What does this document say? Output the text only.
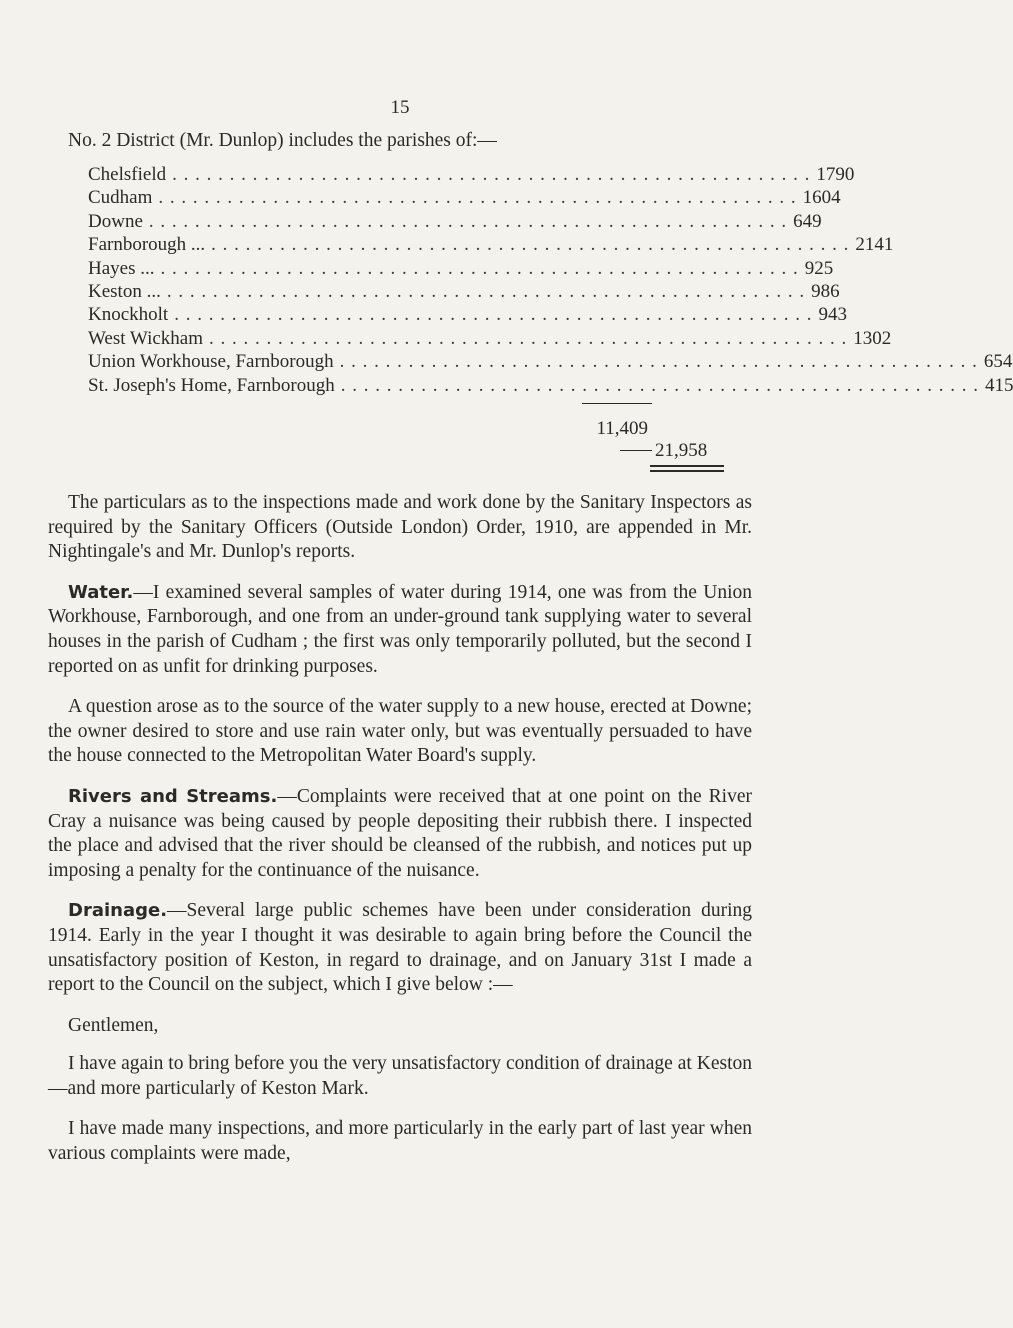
15

No. 2 District (Mr. Dunlop) includes the parishes of:—

Chelsfield . . . . . . . . . . . . . . . . . . . . . . . . . . . . . . . . . . . . . . . . . . . . . . . . . . . . . . . . 1790
Cudham . . . . . . . . . . . . . . . . . . . . . . . . . . . . . . . . . . . . . . . . . . . . . . . . . . . . . . . . 1604
Downe . . . . . . . . . . . . . . . . . . . . . . . . . . . . . . . . . . . . . . . . . . . . . . . . . . . . . . . . 649
Farnborough ... . . . . . . . . . . . . . . . . . . . . . . . . . . . . . . . . . . . . . . . . . . . . . . . . . . . . . . . . 2141
Hayes ... . . . . . . . . . . . . . . . . . . . . . . . . . . . . . . . . . . . . . . . . . . . . . . . . . . . . . . . . 925
Keston ... . . . . . . . . . . . . . . . . . . . . . . . . . . . . . . . . . . . . . . . . . . . . . . . . . . . . . . . . 986
Knockholt . . . . . . . . . . . . . . . . . . . . . . . . . . . . . . . . . . . . . . . . . . . . . . . . . . . . . . . . 943
West Wickham . . . . . . . . . . . . . . . . . . . . . . . . . . . . . . . . . . . . . . . . . . . . . . . . . . . . . . . . 1302
Union Workhouse, Farnborough . . . . . . . . . . . . . . . . . . . . . . . . . . . . . . . . . . . . . . . . . . . . . . . . . . . . . . . . 654
St. Joseph's Home, Farnborough . . . . . . . . . . . . . . . . . . . . . . . . . . . . . . . . . . . . . . . . . . . . . . . . . . . . . . . . 415
11,409
21,958

The particulars as to the inspections made and work done by the Sanitary Inspectors as required by the Sanitary Officers (Outside London) Order, 1910, are appended in Mr. Nightingale's and Mr. Dunlop's reports.

Water.—I examined several samples of water during 1914, one was from the Union Workhouse, Farnborough, and one from an under-ground tank supplying water to several houses in the parish of Cudham ; the first was only temporarily polluted, but the second I reported on as unfit for drinking purposes.

A question arose as to the source of the water supply to a new house, erected at Downe; the owner desired to store and use rain water only, but was eventually persuaded to have the house connected to the Metropolitan Water Board's supply.

Rivers and Streams.—Complaints were received that at one point on the River Cray a nuisance was being caused by people depositing their rubbish there. I inspected the place and advised that the river should be cleansed of the rubbish, and notices put up imposing a penalty for the continuance of the nuisance.

Drainage.—Several large public schemes have been under consideration during 1914. Early in the year I thought it was desirable to again bring before the Council the unsatisfactory position of Keston, in regard to drainage, and on January 31st I made a report to the Council on the subject, which I give below :—

Gentlemen,

I have again to bring before you the very unsatisfactory condition of drainage at Keston—and more particularly of Keston Mark.

I have made many inspections, and more particularly in the early part of last year when various complaints were made,
